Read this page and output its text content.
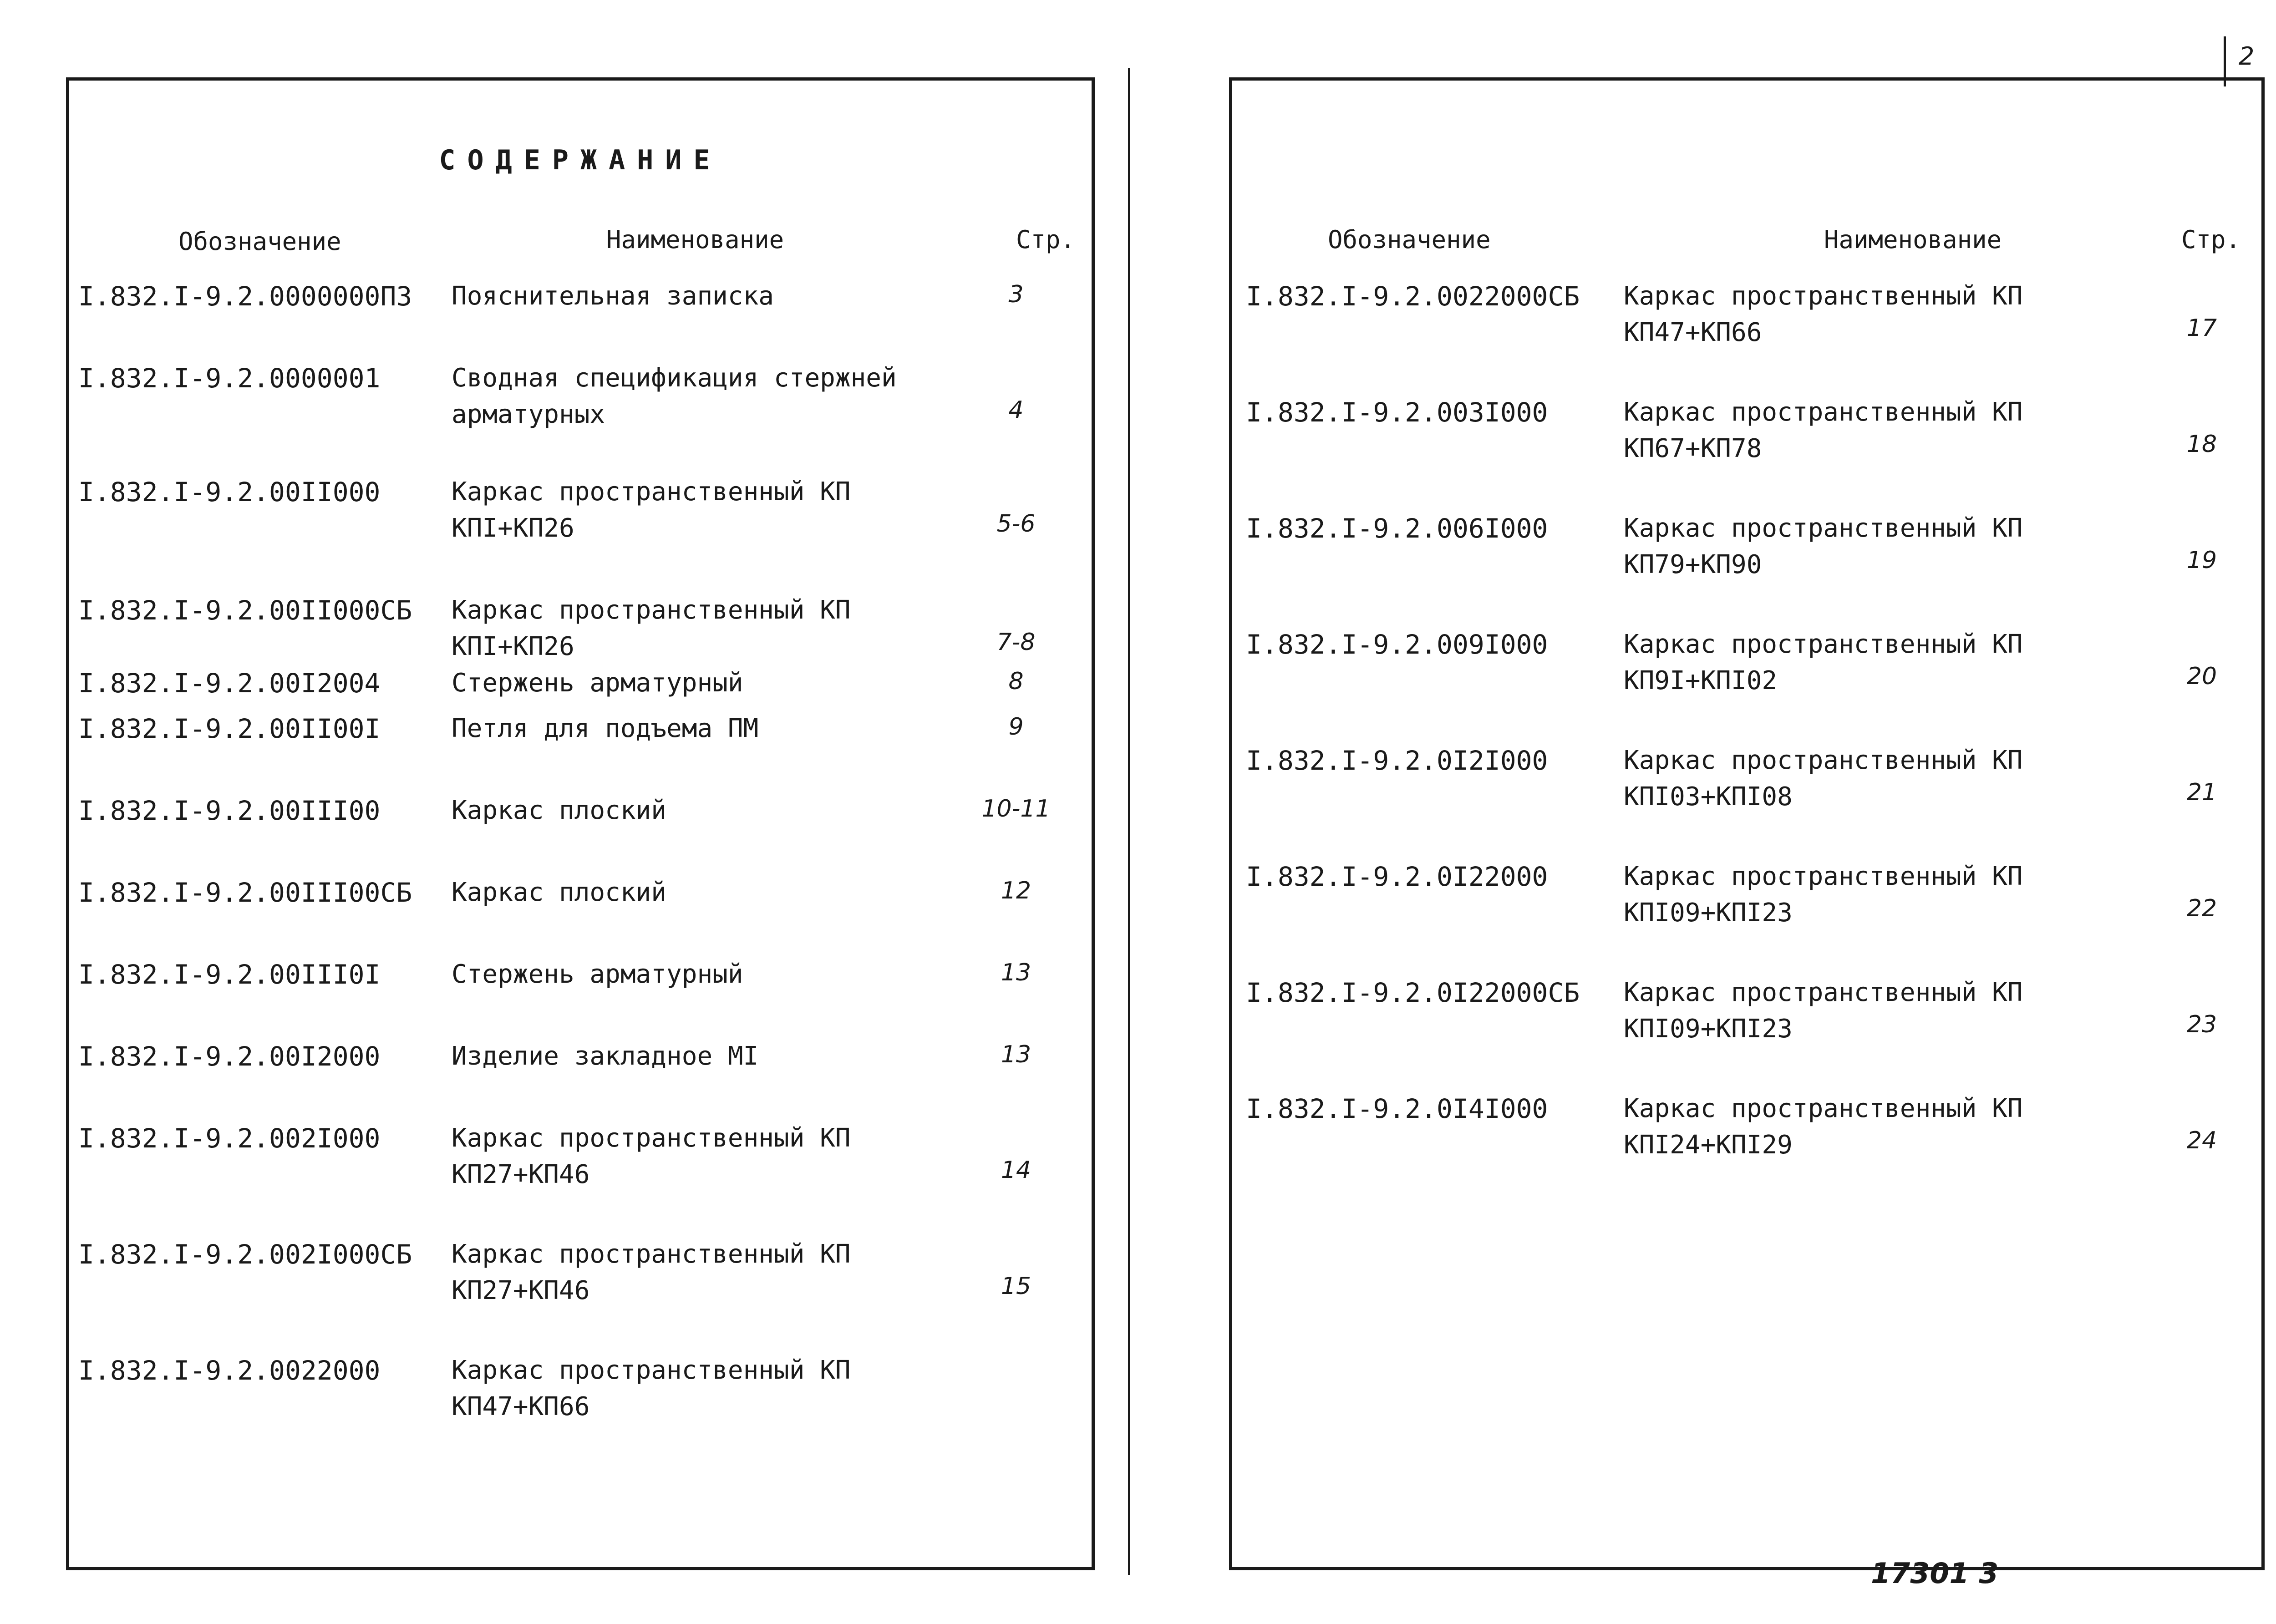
2
СОДЕРЖАНИЕ
Обозначение	Наименование	Стр.
I.832.I-9.2.0000000ПЗ Пояснительная записка	3
I.832.I-9.2.0000001	Сводная спецификация стержней
арматурных	4
I.832.I-9.2.00II000	Каркас пространственный КП
КПI+КП26	5-6
I.832.I-9.2.00II000СБ Каркас пространственный КП
КПI+КП26	7-8
I.832.I-9.2.00I2004	Стержень арматурный	8
I.832.I-9.2.00II00I	Петля для подъема ПМ	9
I.832.I-9.2.00III00	Каркас плоский	10-11
I.832.I-9.2.00III00СБ Каркас плоский	12
I.832.I-9.2.00III0I	Стержень арматурный	13
I.832.I-9.2.00I2000	Изделие закладное МI	13
I.832.I-9.2.002I000	Каркас пространственный КП
КП27+КП46	14
I.832.I-9.2.002I000СБ Каркас пространственный КП
КП27+КП46	15
I.832.I-9.2.0022000	Каркас пространственный КП
КП47+КП66
Обозначение	Наименование	Стр.
I.832.I-9.2.0022000СБ Каркас пространственный КП
КП47+КП66	17
I.832.I-9.2.003I000	Каркас пространственный КП
КП67+КП78	18
I.832.I-9.2.006I000	Каркас пространственный КП
КП79+КП90	19
I.832.I-9.2.009I000	Каркас пространственный КП
КП9I+КПI02	20
I.832.I-9.2.0I2I000	Каркас пространственный КП
КПI03+КПI08	21
I.832.I-9.2.0I22000	Каркас пространственный КП
КПI09+КПI23	22
I.832.I-9.2.0I22000СБ Каркас пространственный КП
КПI09+КПI23	23
I.832.I-9.2.0I4I000	Каркас пространственный КП
КПI24+КПI29	24
17301 3
